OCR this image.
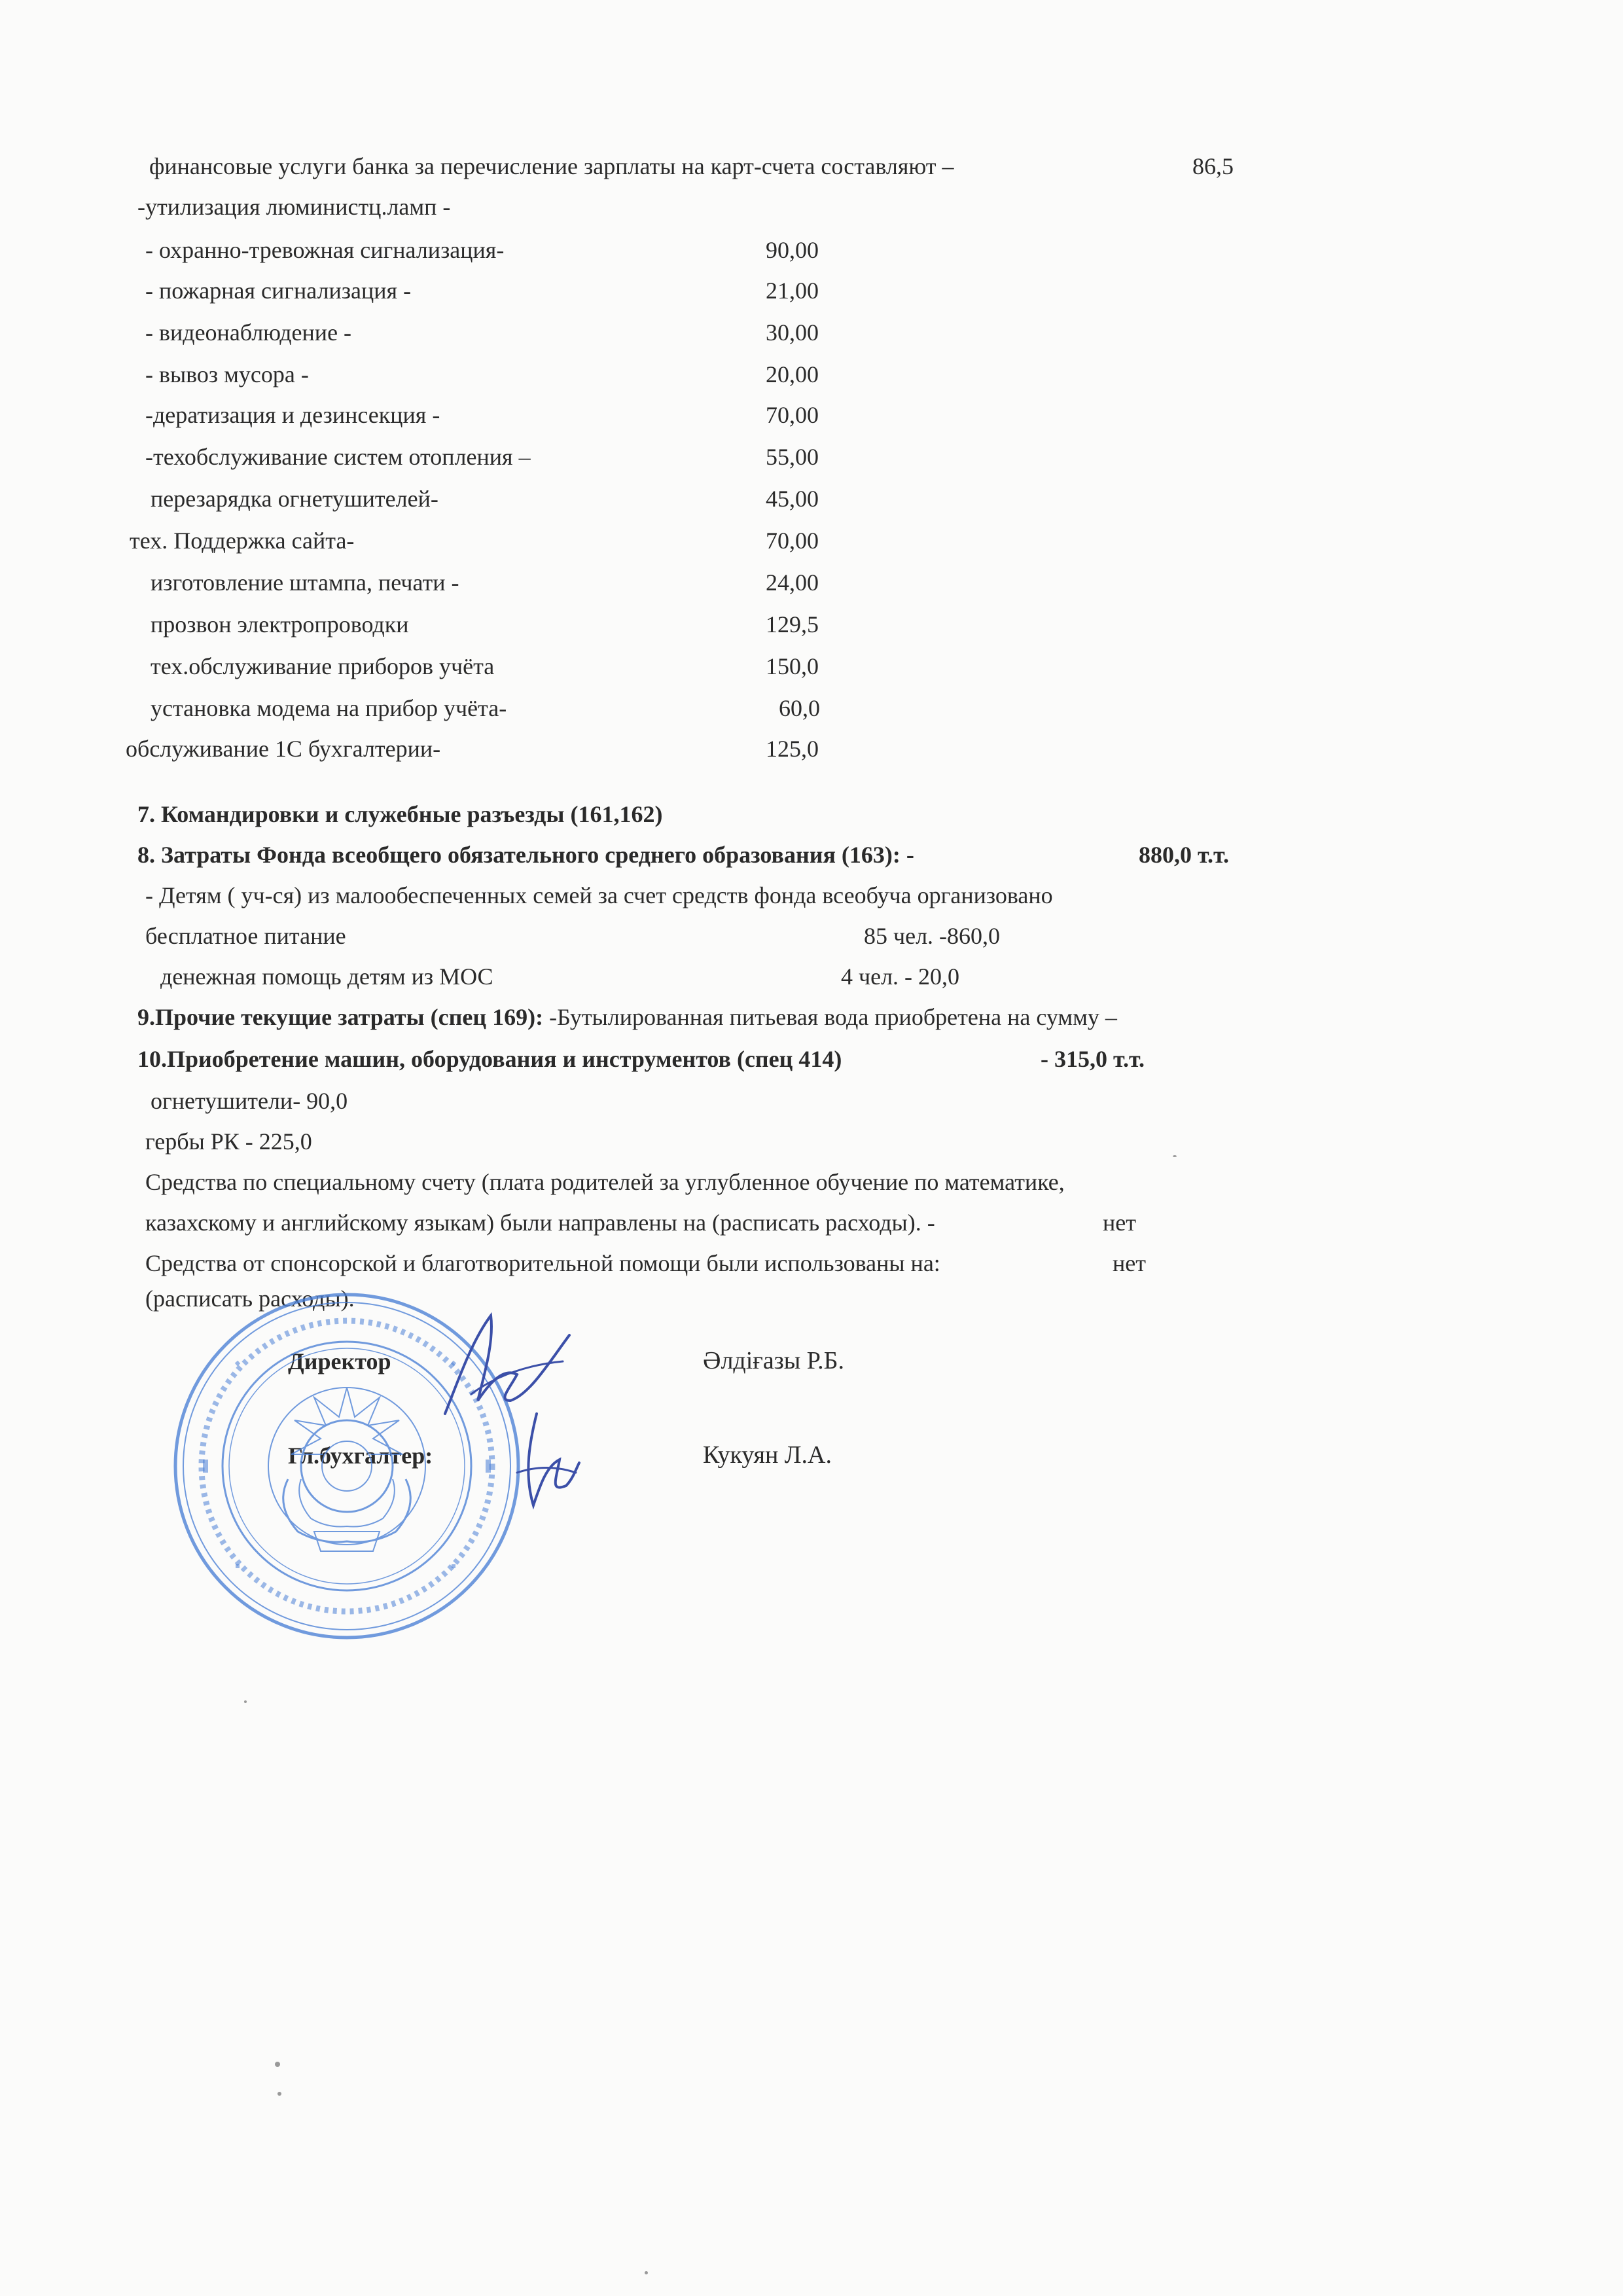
финансовые услуги банка за перечисление зарплаты на карт-счета составляют –	86,5
-утилизация люминистц.ламп -
- охранно-тревожная сигнализация-	90,00
- пожарная сигнализация -	21,00
- видеонаблюдение -	30,00
- вывоз мусора -	20,00
-дератизация и дезинсекция -	70,00
-техобслуживание систем отопления –	55,00
перезарядка огнетушителей-	45,00
тех. Поддержка сайта-	70,00
изготовление штампа, печати -	24,00
прозвон электропроводки	129,5
тех.обслуживание приборов учёта	150,0
установка модема на прибор учёта-	60,0
обслуживание 1С бухгалтерии-	125,0
7. Командировки и служебные разъезды (161,162)
8. Затраты Фонда всеобщего обязательного среднего образования (163): -	880,0 т.т.
- Детям ( уч-ся) из малообеспеченных семей за счет средств фонда всеобуча организовано
бесплатное питание	85 чел. -860,0
денежная помощь детям из МОС	4 чел. - 20,0
9.Прочие текущие затраты (спец 169): -Бутылированная питьевая вода приобретена на сумму –
10.Приобретение машин, оборудования и инструментов (спец 414)	- 315,0 т.т.
огнетушители- 90,0
гербы РК - 225,0
Средства по специальному счету (плата родителей за углубленное обучение по математике,
казахскому и английскому языкам) были направлены на (расписать расходы). -	нет
Средства от спонсорской и благотворительной помощи были использованы на:	нет
(расписать расходы).
Директор	Әлдіғазы Р.Б.
Гл.бухгалтер:	Кукуян Л.А.
